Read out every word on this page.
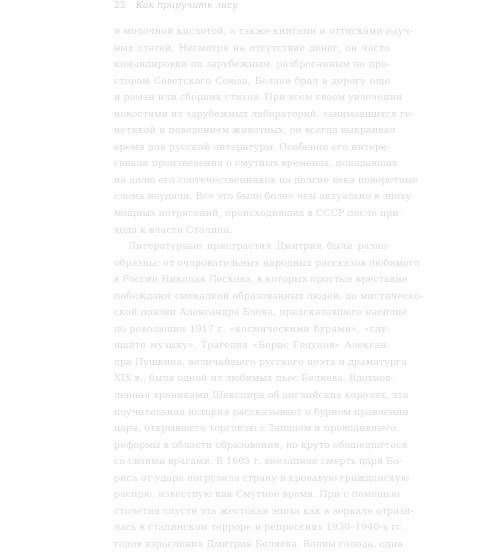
22 Как приручить лису
и молочной кислотой, а также книгами и оттисками науч-
ных статей. Несмотря на отсутствие денег, он часто
командировки по зарубежным, разбросанным по про-
сторам Советского Союза, Беляев брал в дорогу еще
и роман или сборник стихов. При всем своем увлечении
новостями из зарубежных лабораторий, занимавшихся ге-
нетикой и поведением животных, он всегда выкраивал
время для русской литературы. Особенно его интере-
совали произведения о смутных временах, попадавших
на долю его соотечественников на долгие века поворотные
слома неудачи. Все это было более чем актуально в эпоху
мощных потрясений, происходивших в СССР после при-
хода к власти Сталина.
Литературные пристрастия Дмитрия были разно-
образны: от очаровательных народных рассказов любимого
в России Николая Лескова, в которых простые крестьяне
побеждают смекалкой образованных людей, до мистическо-
ской поэзии Александра Блока, предсказавшего насилие
до революции 1917 г. «космическими бурями», «слу-
шайте музыку». Трагедия «Борис Годунов» Алексан-
дра Пушкина, величайшего русского поэта и драматурга
XIX в., была одной из любимых пьес Беляева. Вдохнов-
ленная хрониками Шекспира об английских королях, эта
поучительная история рассказывает о бурном правлении
царя, открывшего торговлю с Западом и проводившего
реформы в области образования, но круто обошедшегося
со своими врагами. В 1605 г. внезапная смерть царя Бо-
риса от удара погрузила страну в кровавую гражданскую
распрю, известную как Смутное время. При с помощью
столетия спустя эта жестокая эпоха как в зеркале отрази-
лась в сталинском терроре и репрессиях 1930–1940-х гг.,
годов взросления Дмитрия Беляева. Волны голода, одна
